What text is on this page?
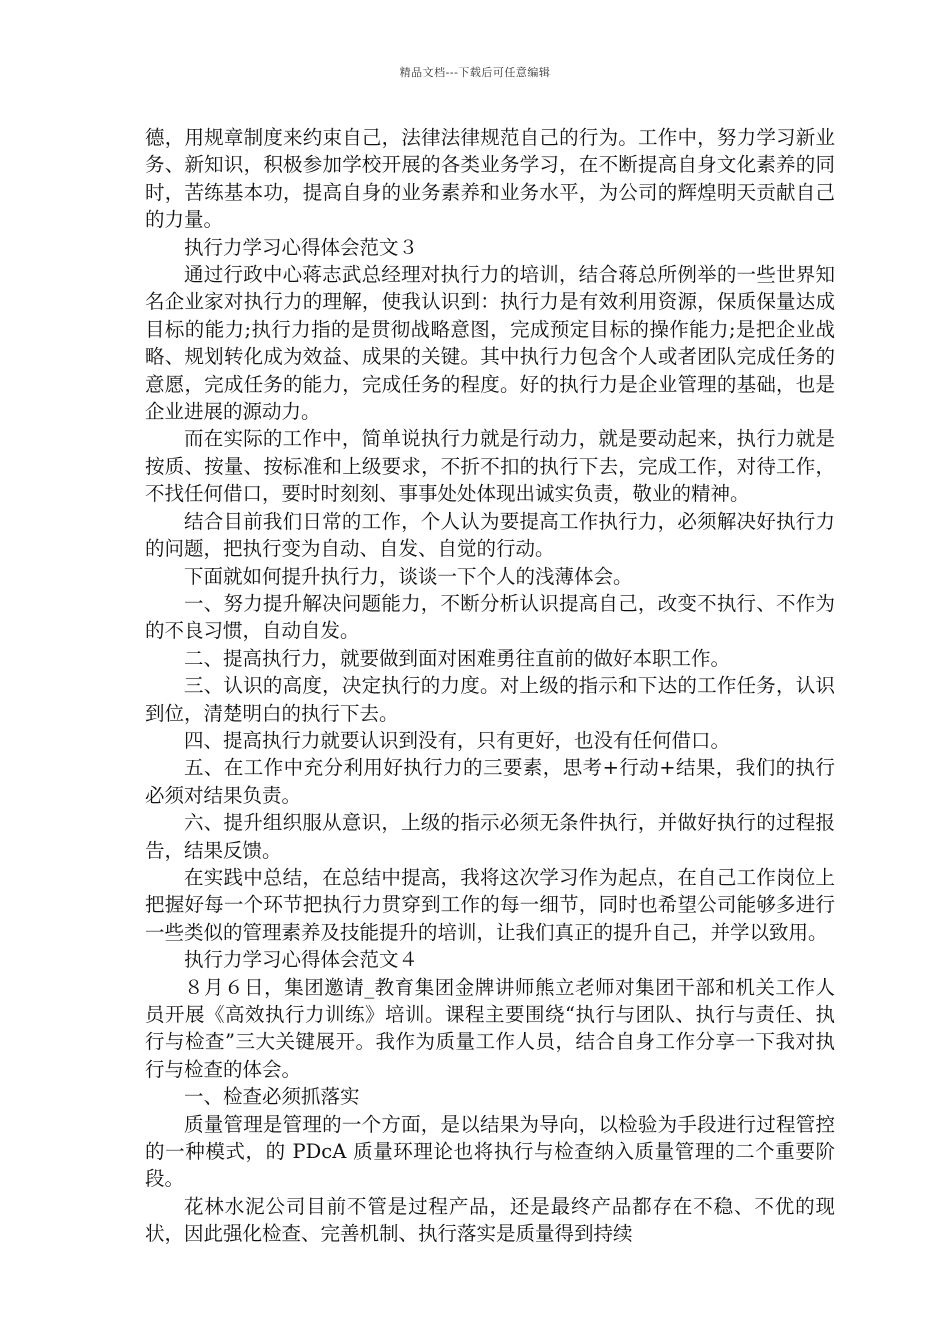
精品文档---下载后可任意编辑

德，用规章制度来约束自己，法律法律规范自己的行为。工作中，努力学习新业务、新知识，积极参加学校开展的各类业务学习，在不断提高自身文化素养的同时，苦练基本功，提高自身的业务素养和业务水平，为公司的辉煌明天贡献自己的力量。

执行力学习心得体会范文３

通过行政中心蒋志武总经理对执行力的培训，结合蒋总所例举的一些世界知名企业家对执行力的理解，使我认识到：执行力是有效利用资源，保质保量达成目标的能力;执行力指的是贯彻战略意图，完成预定目标的操作能力;是把企业战略、规划转化成为效益、成果的关键。其中执行力包含个人或者团队完成任务的意愿，完成任务的能力，完成任务的程度。好的执行力是企业管理的基础，也是企业进展的源动力。

而在实际的工作中，简单说执行力就是行动力，就是要动起来，执行力就是按质、按量、按标准和上级要求，不折不扣的执行下去，完成工作，对待工作，不找任何借口，要时时刻刻、事事处处体现出诚实负责，敬业的精神。

结合目前我们日常的工作，个人认为要提高工作执行力，必须解决好执行力的问题，把执行变为自动、自发、自觉的行动。

下面就如何提升执行力，谈谈一下个人的浅薄体会。

一、努力提升解决问题能力，不断分析认识提高自己，改变不执行、不作为的不良习惯，自动自发。

二、提高执行力，就要做到面对困难勇往直前的做好本职工作。

三、认识的高度，决定执行的力度。对上级的指示和下达的工作任务，认识到位，清楚明白的执行下去。

四、提高执行力就要认识到没有，只有更好，也没有任何借口。

五、在工作中充分利用好执行力的三要素，思考+行动+结果，我们的执行必须对结果负责。

六、提升组织服从意识，上级的指示必须无条件执行，并做好执行的过程报告，结果反馈。

在实践中总结，在总结中提高，我将这次学习作为起点，在自己工作岗位上把握好每一个环节把执行力贯穿到工作的每一细节，同时也希望公司能够多进行一些类似的管理素养及技能提升的培训，让我们真正的提升自己，并学以致用。

执行力学习心得体会范文４

８月６日，集团邀请_教育集团金牌讲师熊立老师对集团干部和机关工作人员开展《高效执行力训练》培训。课程主要围绕“执行与团队、执行与责任、执行与检查”三大关键展开。我作为质量工作人员，结合自身工作分享一下我对执行与检查的体会。

一、检查必须抓落实

质量管理是管理的一个方面，是以结果为导向，以检验为手段进行过程管控的一种模式，的 PDcA 质量环理论也将执行与检查纳入质量管理的二个重要阶段。

花林水泥公司目前不管是过程产品，还是最终产品都存在不稳、不优的现状，因此强化检查、完善机制、执行落实是质量得到持续
